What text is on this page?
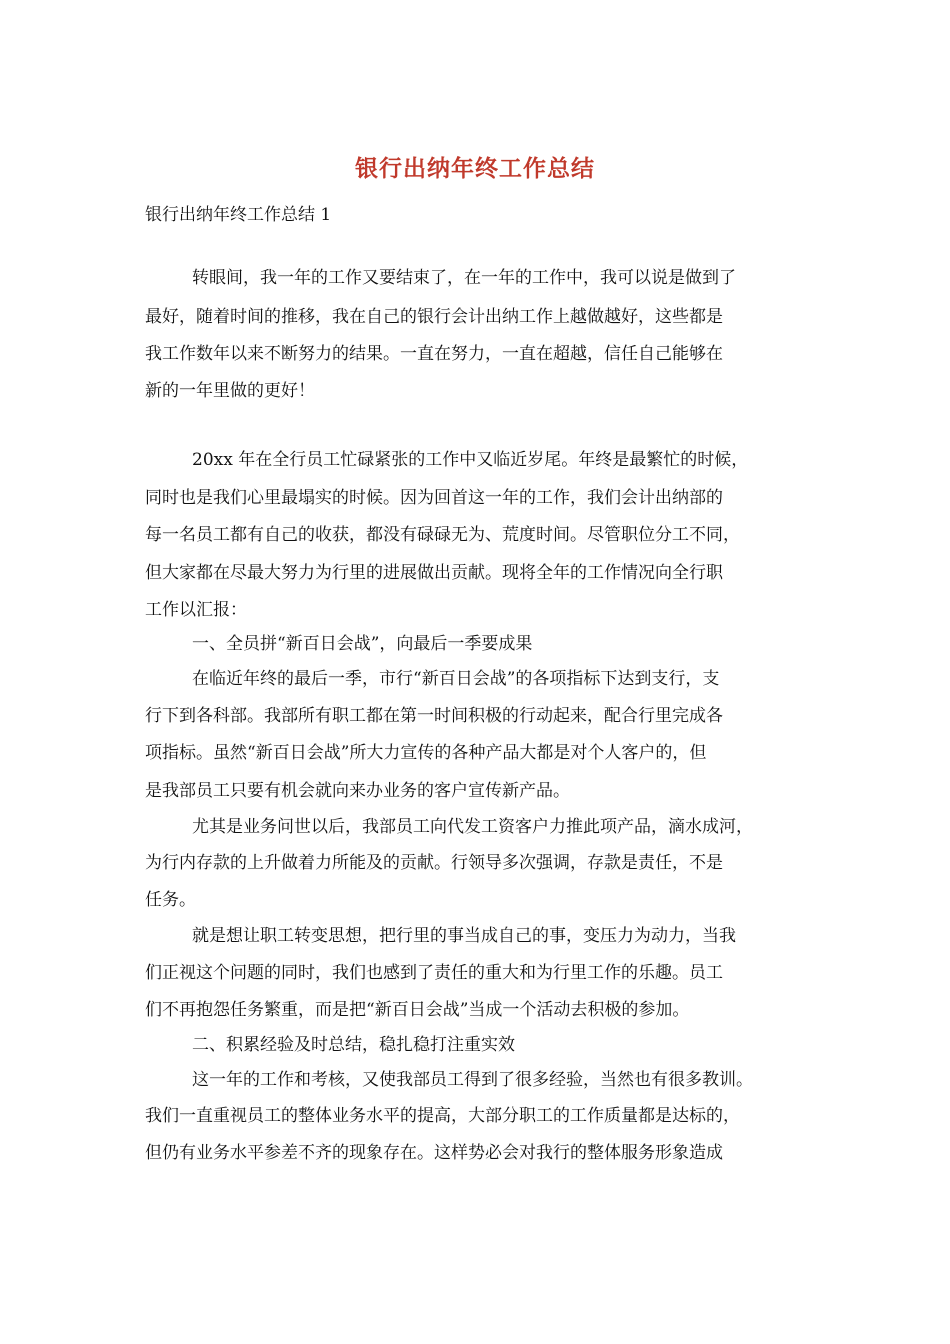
银行出纳年终工作总结
银行出纳年终工作总结 1
转眼间，我一年的工作又要结束了，在一年的工作中，我可以说是做到了
最好，随着时间的推移，我在自己的银行会计出纳工作上越做越好，这些都是
我工作数年以来不断努力的结果。一直在努力，一直在超越，信任自己能够在
新的一年里做的更好！
20xx 年在全行员工忙碌紧张的工作中又临近岁尾。年终是最繁忙的时候，
同时也是我们心里最塌实的时候。因为回首这一年的工作，我们会计出纳部的
每一名员工都有自己的收获，都没有碌碌无为、荒度时间。尽管职位分工不同，
但大家都在尽最大努力为行里的进展做出贡献。现将全年的工作情况向全行职
工作以汇报：
一、全员拼“新百日会战”，向最后一季要成果
在临近年终的最后一季，市行“新百日会战”的各项指标下达到支行，支
行下到各科部。我部所有职工都在第一时间积极的行动起来，配合行里完成各
项指标。虽然“新百日会战”所大力宣传的各种产品大都是对个人客户的，但
是我部员工只要有机会就向来办业务的客户宣传新产品。
尤其是业务问世以后，我部员工向代发工资客户力推此项产品，滴水成河，
为行内存款的上升做着力所能及的贡献。行领导多次强调，存款是责任，不是
任务。
就是想让职工转变思想，把行里的事当成自己的事，变压力为动力，当我
们正视这个问题的同时，我们也感到了责任的重大和为行里工作的乐趣。员工
们不再抱怨任务繁重，而是把“新百日会战”当成一个活动去积极的参加。
二、积累经验及时总结，稳扎稳打注重实效
这一年的工作和考核，又使我部员工得到了很多经验，当然也有很多教训。
我们一直重视员工的整体业务水平的提高，大部分职工的工作质量都是达标的，
但仍有业务水平参差不齐的现象存在。这样势必会对我行的整体服务形象造成
